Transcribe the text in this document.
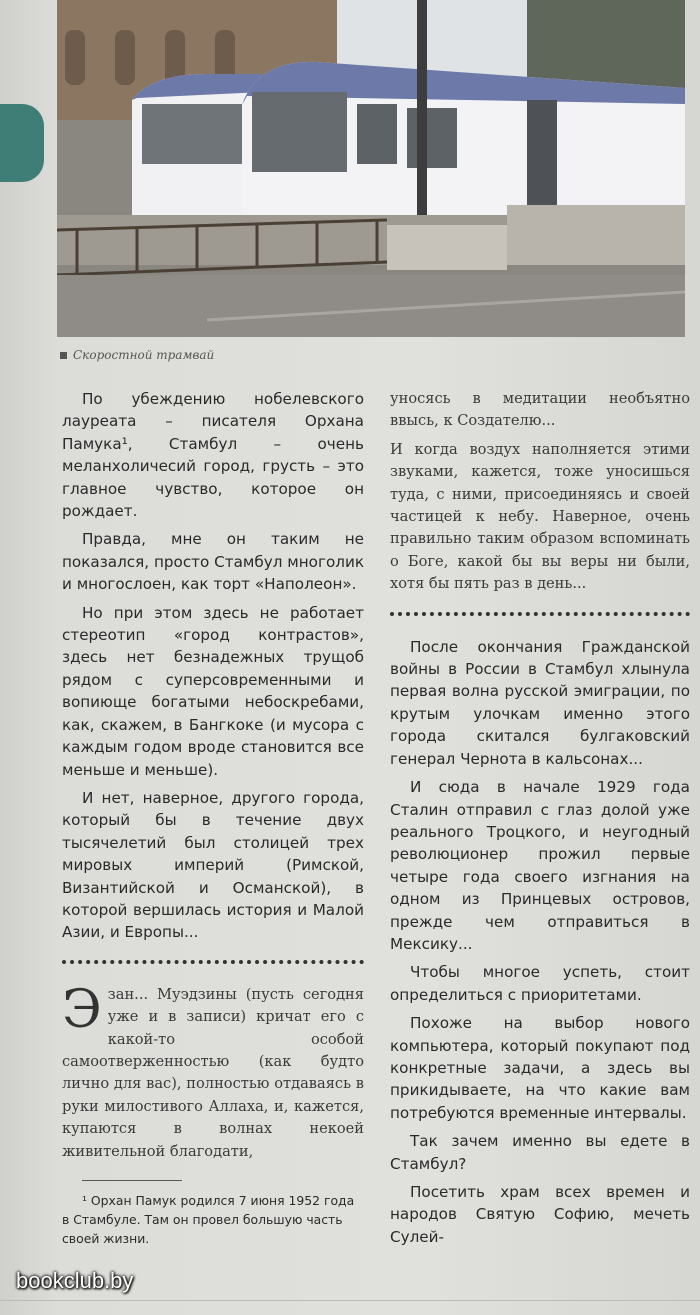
Скоростной трамвай

По убеждению нобелевского лауреата – писателя Орхана Памука¹, Стамбул – очень меланхоличесий город, грусть – это главное чувство, которое он рождает.

Правда, мне он таким не показался, просто Стамбул многолик и многослоен, как торт «Наполеон».

Но при этом здесь не работает стереотип «город контрастов», здесь нет безнадежных трущоб рядом с суперсовременными и вопиюще богатыми небоскребами, как, скажем, в Бангкоке (и мусора с каждым годом вроде становится все меньше и меньше).

И нет, наверное, другого города, который бы в течение двух тысячелетий был столицей трех мировых империй (Римской, Византийской и Османской), в которой вершилась история и Малой Азии, и Европы...

Эзан... Муэдзины (пусть сегодня уже и в записи) кричат его с какой-то особой самоотверженностью (как будто лично для вас), полностью отдаваясь в руки милостивого Аллаха, и, кажется, купаются в волнах некоей живительной благодати,

¹ Орхан Памук родился 7 июня 1952 года в Стамбуле. Там он провел большую часть своей жизни.

уносясь в медитации необъятно ввысь, к Создателю...

И когда воздух наполняется этими звуками, кажется, тоже уносишься туда, с ними, присоединяясь и своей частицей к небу. Наверное, очень правильно таким образом вспоминать о Боге, какой бы вы веры ни были, хотя бы пять раз в день...

После окончания Гражданской войны в России в Стамбул хлынула первая волна русской эмиграции, по крутым улочкам именно этого города скитался булгаковский генерал Чернота в кальсонах...

И сюда в начале 1929 года Сталин отправил с глаз долой уже реального Троцкого, и неугодный революционер прожил первые четыре года своего изгнания на одном из Принцевых островов, прежде чем отправиться в Мексику...

Чтобы многое успеть, стоит определиться с приоритетами.

Похоже на выбор нового компьютера, который покупают под конкретные задачи, а здесь вы прикидываете, на что какие вам потребуются временные интервалы.

Так зачем именно вы едете в Стамбул?

Посетить храм всех времен и народов Святую Софию, мечеть Сулей-

bookclub.by
